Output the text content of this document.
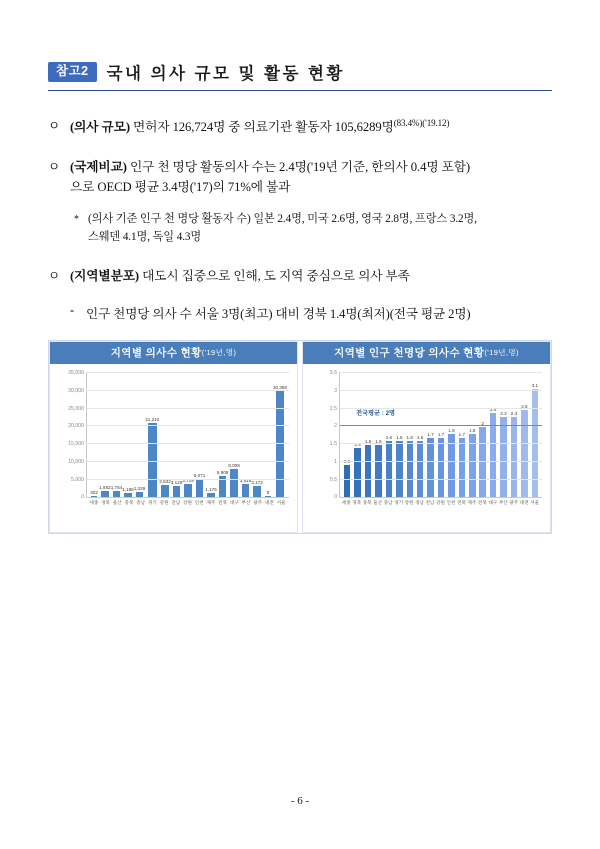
참고2	국내 의사 규모 및 활동 현황
ㅇ (의사 규모) 면허자 126,724명 중 의료기관 활동자 105,6289명$^{(83.4\%)('19.12)}$
ㅇ (국제비교) 인구 천 명당 활동의사 수는 2.4명('19년 기준, 한의사 0.4명 포함)
으로 OECD 평균 3.4명('17)의 71%에 불과
* (의사 기준 인구 천 명당 활동자 수) 일본 2.4명, 미국 2.6명, 영국 2.8명, 프랑스 3.2명,
스웨덴 4.1명, 독일 4.3명
ㅇ (지역별분포) 대도시 집중으로 인해, 도 지역 중심으로 의사 부족
- 인구 천명당 의사 수 서울 3명(최고) 대비 경북 1.4명(최저)(전국 평균 2명)
지역별 의사수 현황('19년,명)
302
1,662 1,754 1,186 1,329
21,210
3,532 3,129 3,719
5,071
1,175
5,908
8,008
3,616 3,172
8
30,359
35,000
30,000
25,000
20,000
15,000
10,000
5,000
0
세종 경북 울산 충북 충남 경기 강원 전남 강원 인천 제주 전북 대구 부산 광주 대전 서울
지역별 인구 천명당 의사수 현황('19년,명)
0.9
1.4
1.5 1.5
1.6 1.6 1.6 1.6
1.7 1.7
1.8
1.7
1.8
2
2.4
2.3 2.3
2.5
3.1
3.5
3
2.5
2
1.5
1
0.5
0
전국평균 : 2명
세종 경북 충북 울산 충남 경기 강원 경남 전남 강원 인천 전북 제주 전북 대구 부산 광주 대전 서울
- 6 -
